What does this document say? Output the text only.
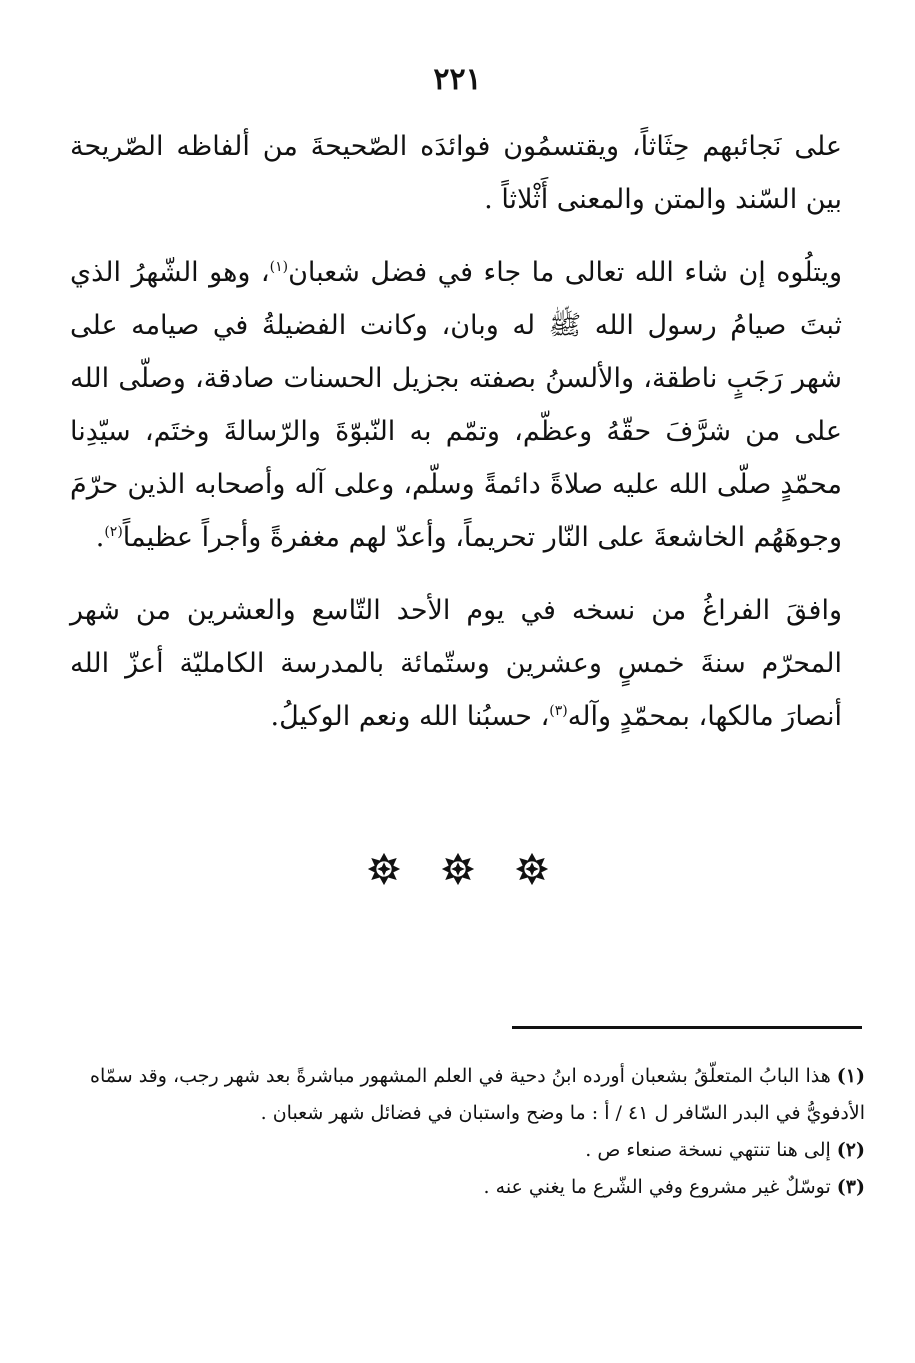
٢٢١

على نَجائبهم حِثَاثاً، ويقتسمُون فوائدَه الصّحيحةَ من ألفاظه الصّريحة بين السّند والمتن والمعنى أَثْلاثاً .

ويتلُوه إن شاء الله تعالى ما جاء في فضل شعبان$^{(١)}$، وهو الشّهرُ الذي ثبتَ صيامُ رسول الله ﷺ له وبان، وكانت الفضيلةُ في صيامه على شهر رَجَبٍ ناطقة، والألسنُ بصفته بجزيل الحسنات صادقة، وصلّى الله على من شرَّفَ حقّهُ وعظّم، وتمّم به النّبوّةَ والرّسالةَ وختَم، سيّدِنا محمّدٍ صلّى الله عليه صلاةً دائمةً وسلّم، وعلى آله وأصحابه الذين حرّمَ وجوهَهُم الخاشعةَ على النّار تحريماً، وأعدّ لهم مغفرةً وأجراً عظيماً$^{(٢)}$.

وافقَ الفراغُ من نسخه في يوم الأحد التّاسع والعشرين من شهر المحرّم سنةَ خمسٍ وعشرين وستّمائة بالمدرسة الكامليّة أعزّ الله أنصارَ مالكها، بمحمّدٍ وآله$^{(٣)}$، حسبُنا الله ونعم الوكيلُ.

(١)هذا البابُ المتعلّقُ بشعبان أورده ابنُ دحية في العلم المشهور مباشرةً بعد شهر رجب، وقد سمّاه الأدفويُّ في البدر السّافر ل ٤١ / أ : ما وضح واستبان في فضائل شهر شعبان .

(٢)إلى هنا تنتهي نسخة صنعاء ص .

(٣)توسّلٌ غير مشروع وفي الشّرع ما يغني عنه .
